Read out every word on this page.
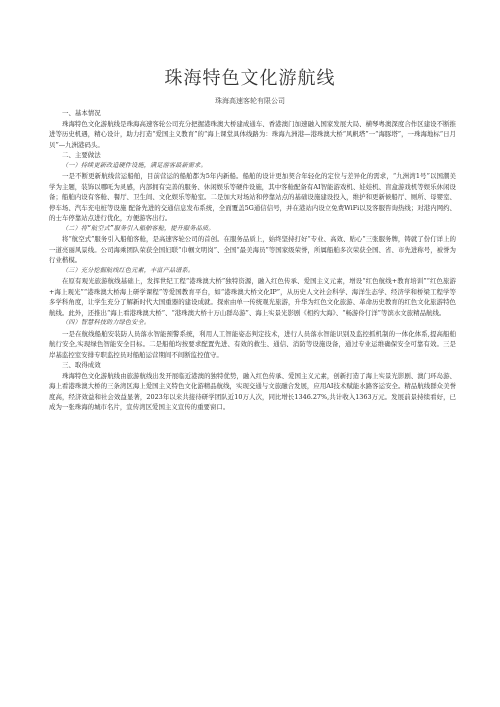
珠海特色文化游航线
珠海高速客轮有限公司

一、基本情况

珠海特色文化游航线是珠海高速客轮公司充分把握港珠澳大桥建成通车、香港澳门加速融入国家发展大局、横琴粤澳深度合作区建设不断推进等历史机遇，精心设计，助力打造“爱国主义教育”的“海上课堂具体线路为：珠海九洲港—港珠澳大桥“风帆塔”一“海豚塔”，一珠海地标“日月贝”—九洲港码头。

二、主要做法

（一）持续更新改造硬件设施，满足游客最新需求。

一是不断更新航线营运船舶，目前营运的船舶都为5年内新船。船舶的设计更加契合年轻化的定位与差异化的需求，“九洲湾1号”以国潮美学为主题，装饰以哪吒为灵感，内部拥有完善的服务、休闲娱乐等硬件设施，其中客舱配备有AI智能游戏机、娃娃机、盲盒游戏机等娱乐休闲设备；船舶内设有客舱、餐厅、卫生间、文化娱乐等舱室。二是加大对场站和停靠站点的基础设施建设投入，维护和更新候船厅、厕所、母婴室、停车场、汽车充电桩等设施 配备先进的交通信息发布系统，全面覆盖5G通信信号，并在港站内设立免费WiFi以及客服咨询热线；对港内网约、的士车停靠站点进行优化，方便游客出行。

（二）将“航空式”服务引入船舶客舱，提升服务品质。

将“航空式”服务引入船舶客舱，是高速客轮公司的首创。在服务品质上，始终坚持打好“专业、高效、贴心”三张服务牌，铸就了份仃详上的一道亮丽风景线。公司海乘团队荣获全国妇联“巾帼文明岗”、全国“最美海员”等国家级荣誉，所属船舶多次荣获全国、省、市先进称号，被誉为行业楷模。

（三）充分挖掘航线红色元素，丰富产品谱系。

在原有观光旅游航线基础上，发挥世纪工程“港珠澳大桥”独特资源，融入红色传承、爱国主义元素，增设“红色航线+教育培训”“红色旅游+海上观光”“港珠澳大桥海上研学课程”等爱国教育平台，如“港珠澳大桥文化IP”，从历史人文社会科学、海洋生态学、经济学和桥梁工程学等多学科角度，让学生充分了解新时代大国重器的建设成就。探索由单一传统观光旅游，升华为红色文化旅游、革命历史教育的红色文化旅游特色航线。此外，还推出“海上看港珠澳大桥”、“港珠澳大桥十万山群岛游”、海上实景光影剧《相约大海》、“畅游伶仃洋”等滨水文旅精品航线。

（四）智慧科技助力绿色安全。

一是在航线船舶安装防人员落水智能预警系统，利用人工智能姿态判定技术，进行人员落水智能识别及监控抓机制的一体化体系,提高船舶航行安全,实现绿色智能安全目标。二是船舶均按要求配置先进、有效的救生、通信、消防等设施设备，通过专业运维确保安全可靠有效。三是岸基监控室安排专职监控员对船舶运营期间不间断监控值守。

三、取得成效

珠海特色文化游航线由旅游航线出发开展临近港澳的独特优势，融入红色传承、爱国主义元素，创新打造了海上实景光影剧、澳门环岛游、海上看港珠澳大桥的三条湾区海上爱国主义特色文化游精品航线，实现交通与文旅融合发展，应用AI技术赋能水路客运安全。精品航线群众美誉度高，经济效益和社会效益显著，2023年以来共接待研学团队近10万人次，同比增长1346.27%,共计收入1363万元。发展前景持续看好，已成为一张珠海的城市名片，宣传湾区爱国主义宣传的重要窗口。
